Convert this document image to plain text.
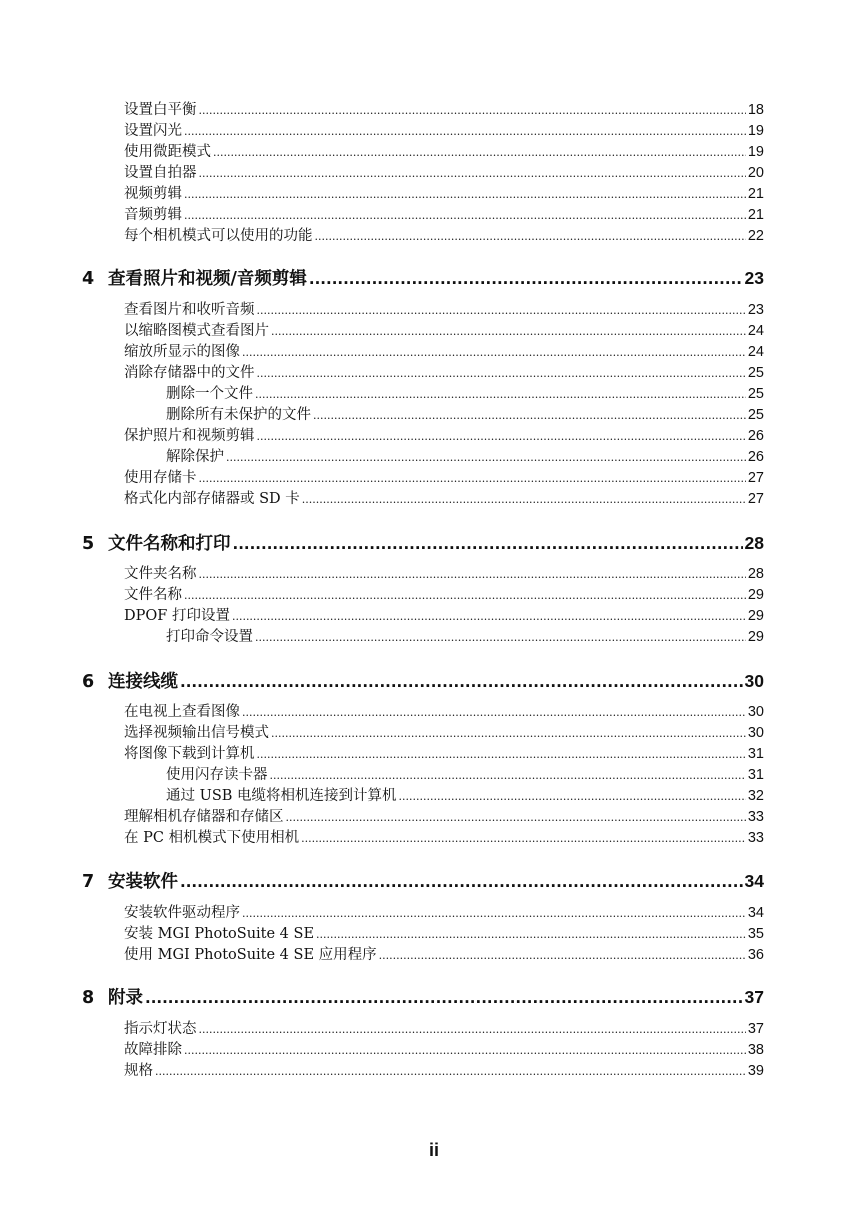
设置白平衡 .....	18
设置闪光 .....	19
使用微距模式 .....	19
设置自拍器 .....	20
视频剪辑 .....	21
音频剪辑 .....	21
每个相机模式可以使用的功能 .....	22
4 查看照片和视频/音频剪辑 .....	23
查看图片和收听音频 .....	23
以缩略图模式查看图片 .....	24
缩放所显示的图像 .....	24
消除存储器中的文件 .....	25
删除一个文件 .....	25
删除所有未保护的文件 .....	25
保护照片和视频剪辑 .....	26
解除保护 .....	26
使用存储卡 .....	27
格式化内部存储器或 SD 卡 .....	27
5 文件名称和打印 .....	28
文件夹名称 .....	28
文件名称 .....	29
DPOF 打印设置 .....	29
打印命令设置 .....	29
6 连接线缆 .....	30
在电视上查看图像 .....	30
选择视频输出信号模式 .....	30
将图像下载到计算机 .....	31
使用闪存读卡器 .....	31
通过 USB 电缆将相机连接到计算机 .....	32
理解相机存储器和存储区 .....	33
在 PC 相机模式下使用相机 .....	33
7 安装软件 .....	34
安装软件驱动程序 .....	34
安装 MGI PhotoSuite 4 SE .....	35
使用 MGI PhotoSuite 4 SE 应用程序 .....	36
8 附录 .....	37
指示灯状态 .....	37
故障排除 .....	38
规格 .....	39
ii
